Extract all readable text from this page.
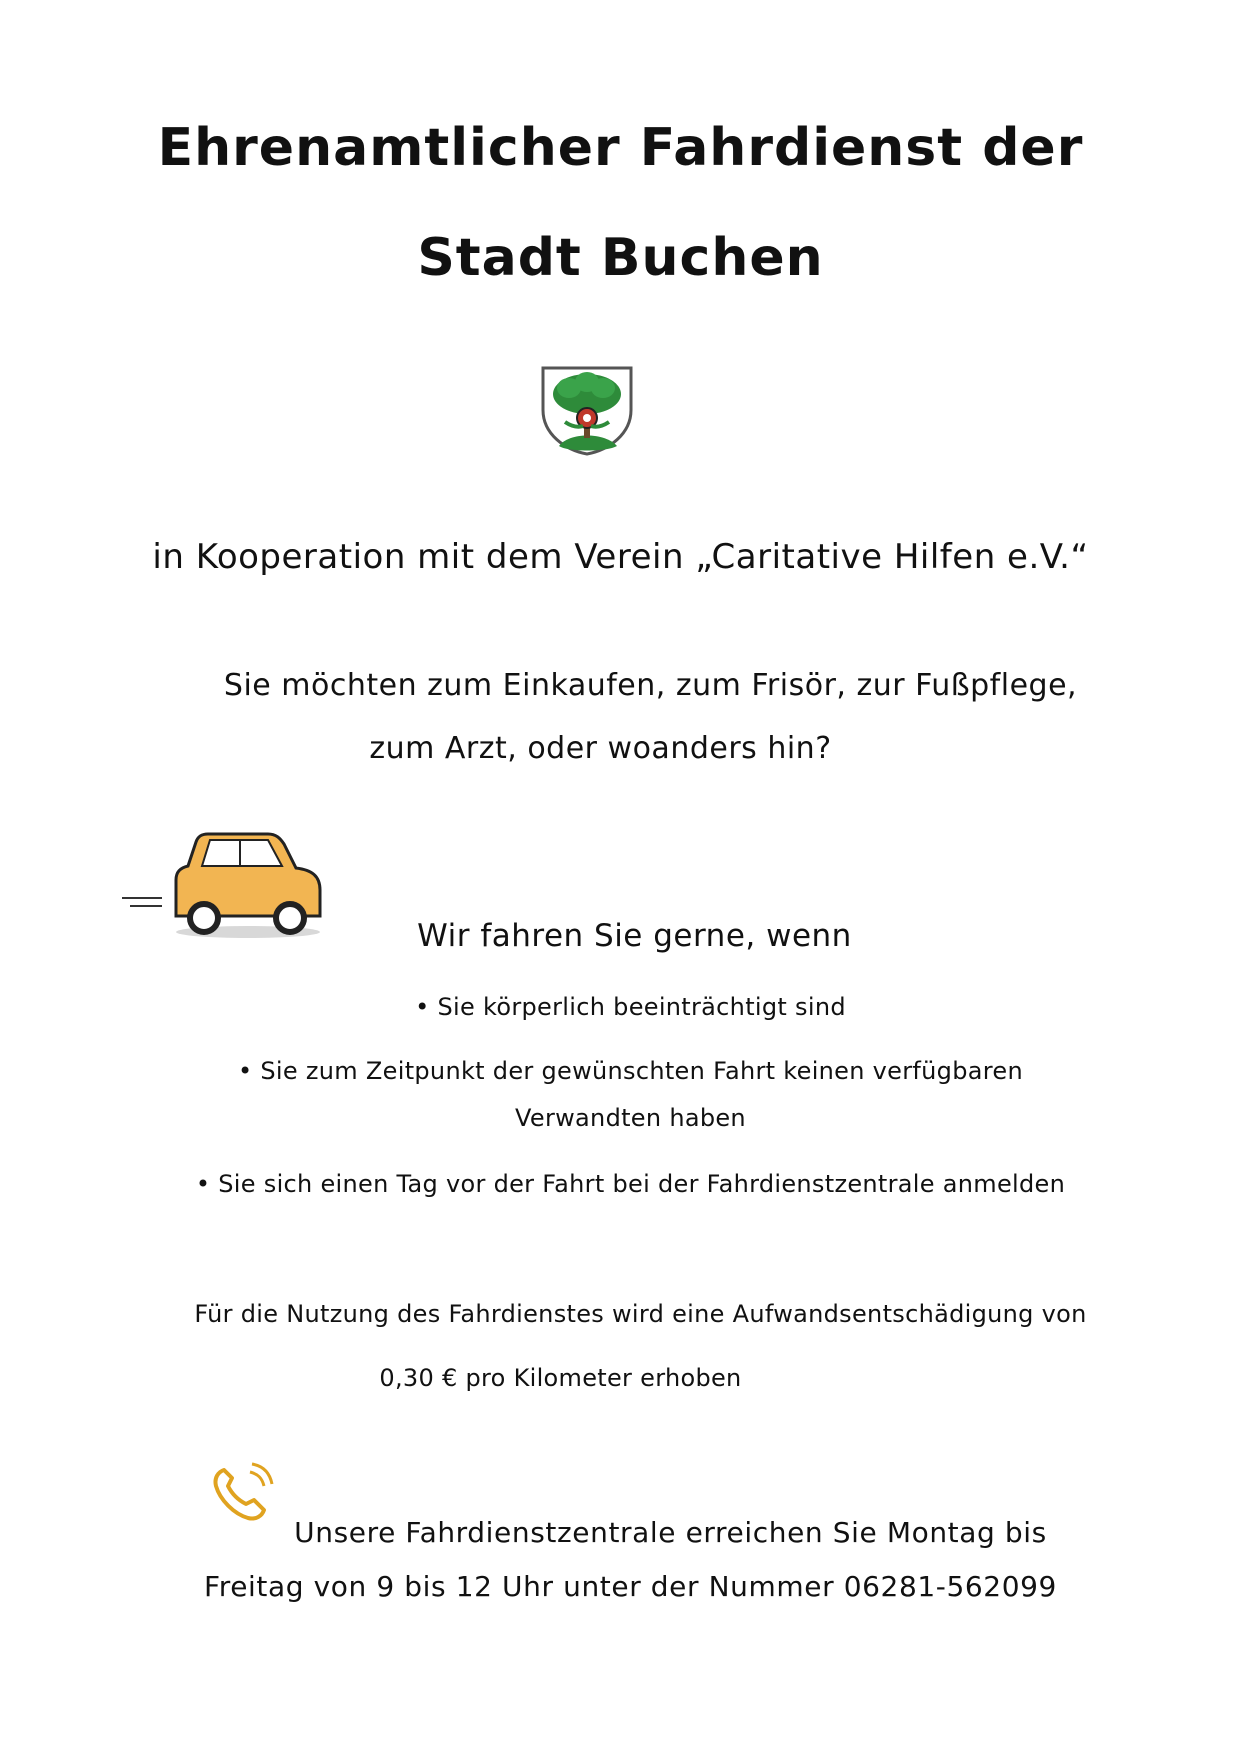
Ehrenamtlicher Fahrdienst der
Stadt Buchen
in Kooperation mit dem Verein „Caritative Hilfen e.V.“
Sie möchten zum Einkaufen, zum Frisör, zur Fußpflege,
zum Arzt, oder woanders hin?
Wir fahren Sie gerne, wenn
• Sie körperlich beeinträchtigt sind
• Sie zum Zeitpunkt der gewünschten Fahrt keinen verfügbaren
Verwandten haben
• Sie sich einen Tag vor der Fahrt bei der Fahrdienstzentrale anmelden
Für die Nutzung des Fahrdienstes wird eine Aufwandsentschädigung von
0,30 € pro Kilometer erhoben
Unsere Fahrdienstzentrale erreichen Sie Montag bis
Freitag von 9 bis 12 Uhr unter der Nummer 06281-562099
